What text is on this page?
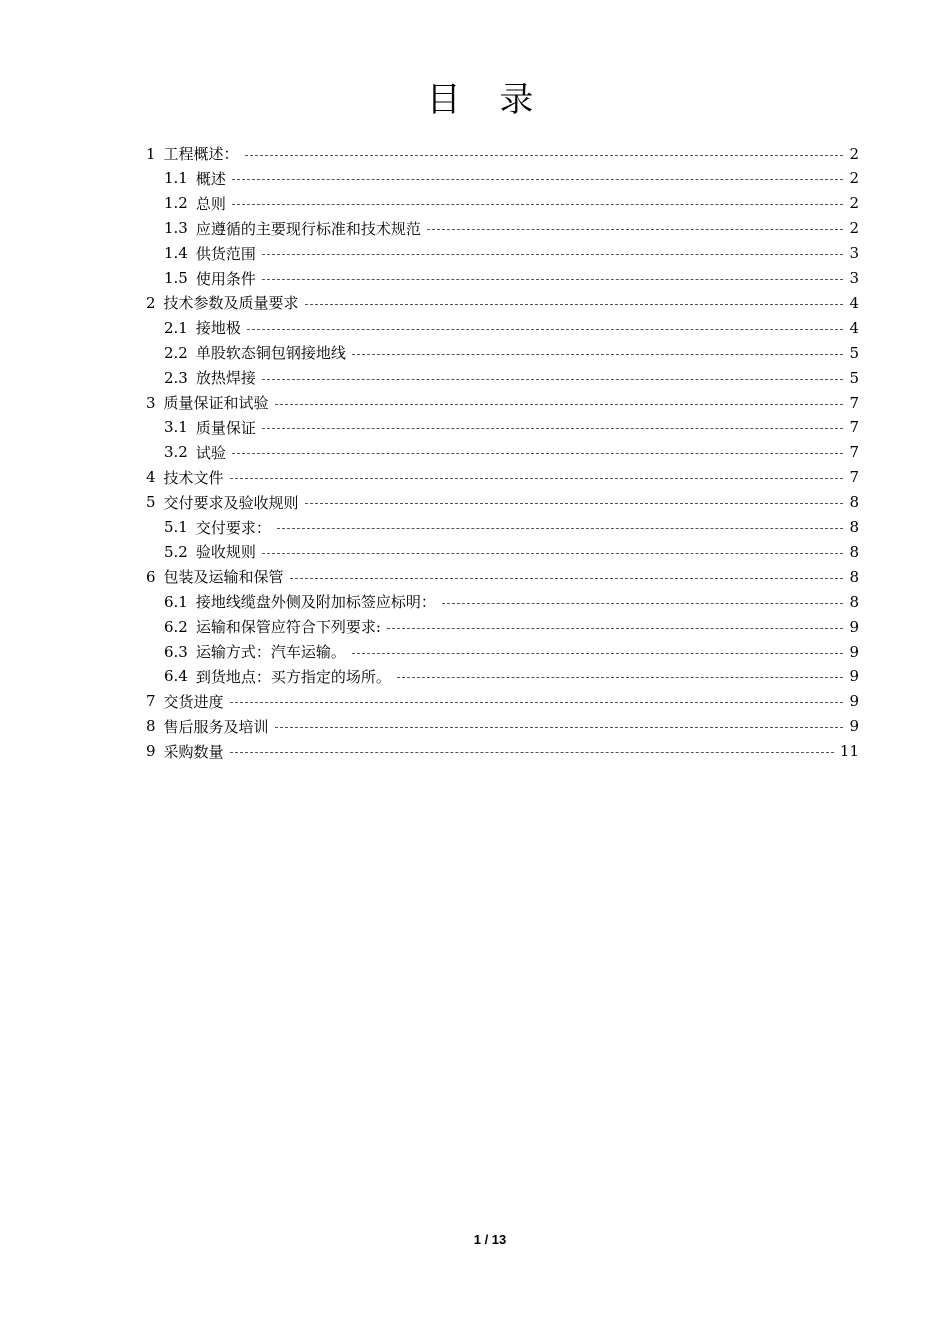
目 录
1 工程概述：	2
1.1 概述	2
1.2 总则	2
1.3 应遵循的主要现行标准和技术规范	2
1.4 供货范围	3
1.5 使用条件	3
2 技术参数及质量要求	4
2.1 接地极	4
2.2 单股软态铜包钢接地线	5
2.3 放热焊接	5
3 质量保证和试验	7
3.1 质量保证	7
3.2 试验	7
4 技术文件	7
5 交付要求及验收规则	8
5.1 交付要求：	8
5.2 验收规则	8
6 包装及运输和保管	8
6.1 接地线缆盘外侧及附加标签应标明：	8
6.2 运输和保管应符合下列要求:	9
6.3 运输方式：汽车运输。	9
6.4 到货地点：买方指定的场所。	9
7 交货进度	9
8 售后服务及培训	9
9 采购数量	11
1 / 13
